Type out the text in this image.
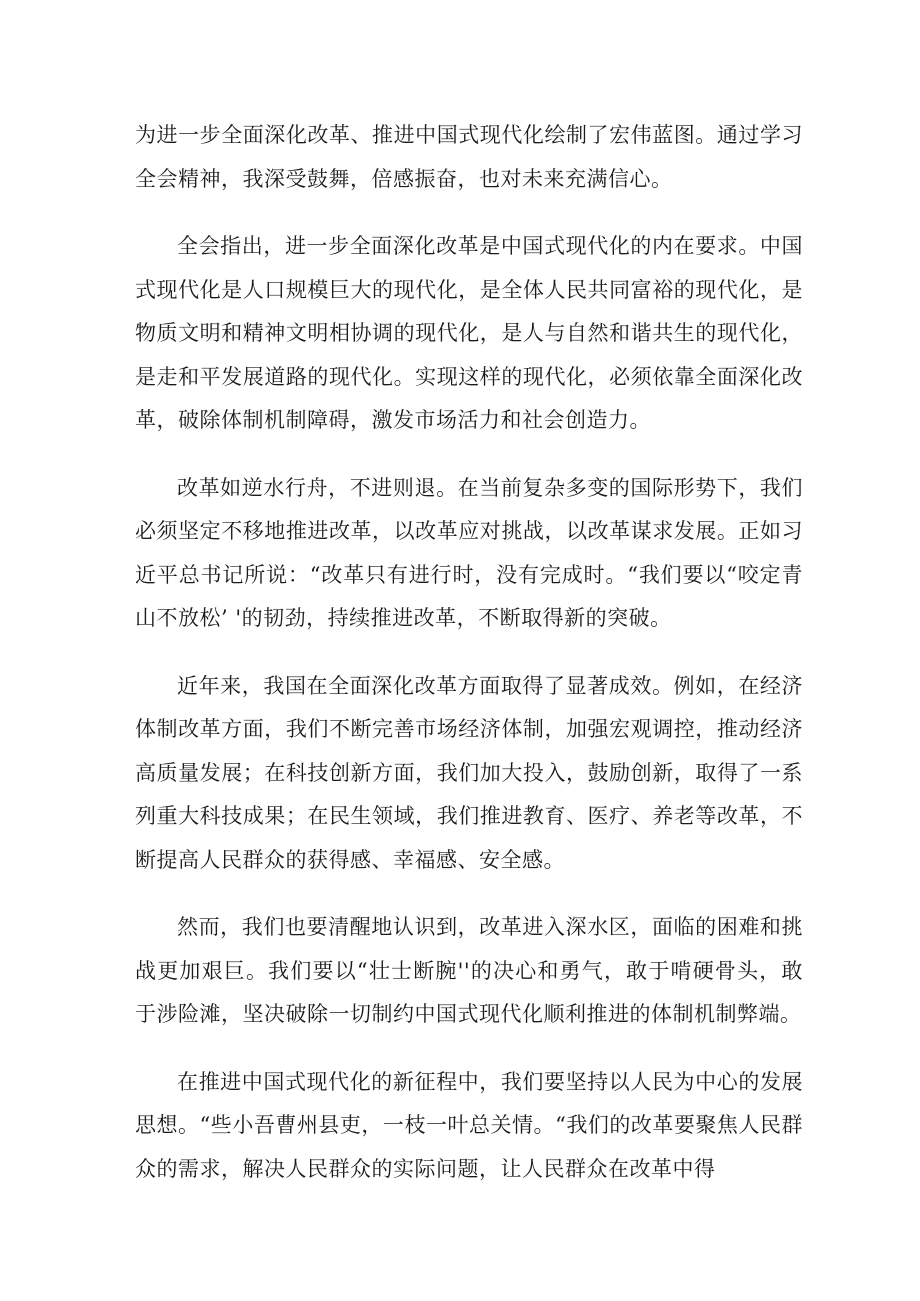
为进一步全面深化改革、推进中国式现代化绘制了宏伟蓝图。通过学习全会精神，我深受鼓舞，倍感振奋，也对未来充满信心。

全会指出，进一步全面深化改革是中国式现代化的内在要求。中国式现代化是人口规模巨大的现代化，是全体人民共同富裕的现代化，是物质文明和精神文明相协调的现代化，是人与自然和谐共生的现代化，是走和平发展道路的现代化。实现这样的现代化，必须依靠全面深化改革，破除体制机制障碍，激发市场活力和社会创造力。

改革如逆水行舟，不进则退。在当前复杂多变的国际形势下，我们必须坚定不移地推进改革，以改革应对挑战，以改革谋求发展。正如习近平总书记所说：“改革只有进行时，没有完成时。“我们要以“咬定青山不放松’ '的韧劲，持续推进改革，不断取得新的突破。

近年来，我国在全面深化改革方面取得了显著成效。例如，在经济体制改革方面，我们不断完善市场经济体制，加强宏观调控，推动经济高质量发展；在科技创新方面，我们加大投入，鼓励创新，取得了一系列重大科技成果；在民生领域，我们推进教育、医疗、养老等改革，不断提高人民群众的获得感、幸福感、安全感。

然而，我们也要清醒地认识到，改革进入深水区，面临的困难和挑战更加艰巨。我们要以“壮士断腕''的决心和勇气，敢于啃硬骨头，敢于涉险滩，坚决破除一切制约中国式现代化顺利推进的体制机制弊端。

在推进中国式现代化的新征程中，我们要坚持以人民为中心的发展思想。“些小吾曹州县吏，一枝一叶总关情。“我们的改革要聚焦人民群众的需求，解决人民群众的实际问题，让人民群众在改革中得
